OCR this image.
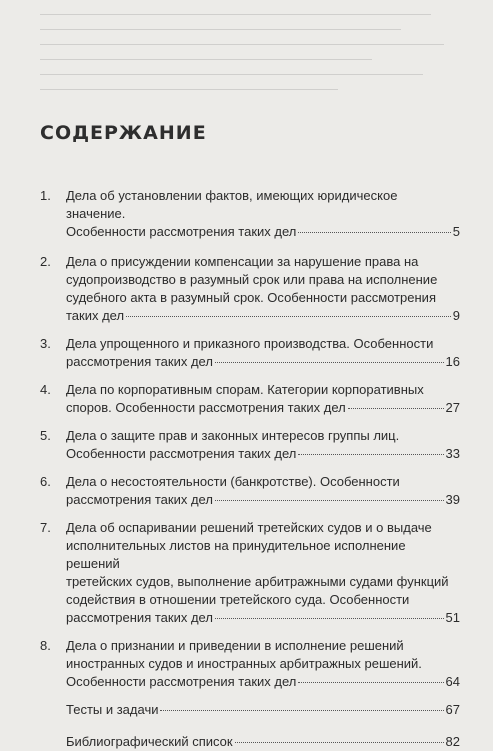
СОДЕРЖАНИЕ
1.	Дела об установлении фактов, имеющих юридическое значение.
Особенности рассмотрения таких дел	5
2.	Дела о присуждении компенсации за нарушение права на
судопроизводство в разумный срок или права на исполнение
судебного акта в разумный срок. Особенности рассмотрения
таких дел	9
3.	Дела упрощенного и приказного производства. Особенности
рассмотрения таких дел	16
4.	Дела по корпоративным спорам. Категории корпоративных
споров. Особенности рассмотрения таких дел	27
5.	Дела о защите прав и законных интересов группы лиц.
Особенности рассмотрения таких дел	33
6.	Дела о несостоятельности (банкротстве). Особенности
рассмотрения таких дел	39
7.	Дела об оспаривании решений третейских судов и о выдаче
исполнительных листов на принудительное исполнение решений
третейских судов, выполнение арбитражными судами функций
содействия в отношении третейского суда. Особенности
рассмотрения таких дел	51
8.	Дела о признании и приведении в исполнение решений
иностранных судов и иностранных арбитражных решений.
Особенности рассмотрения таких дел	64
Тесты и задачи	67
Библиографический список	82
